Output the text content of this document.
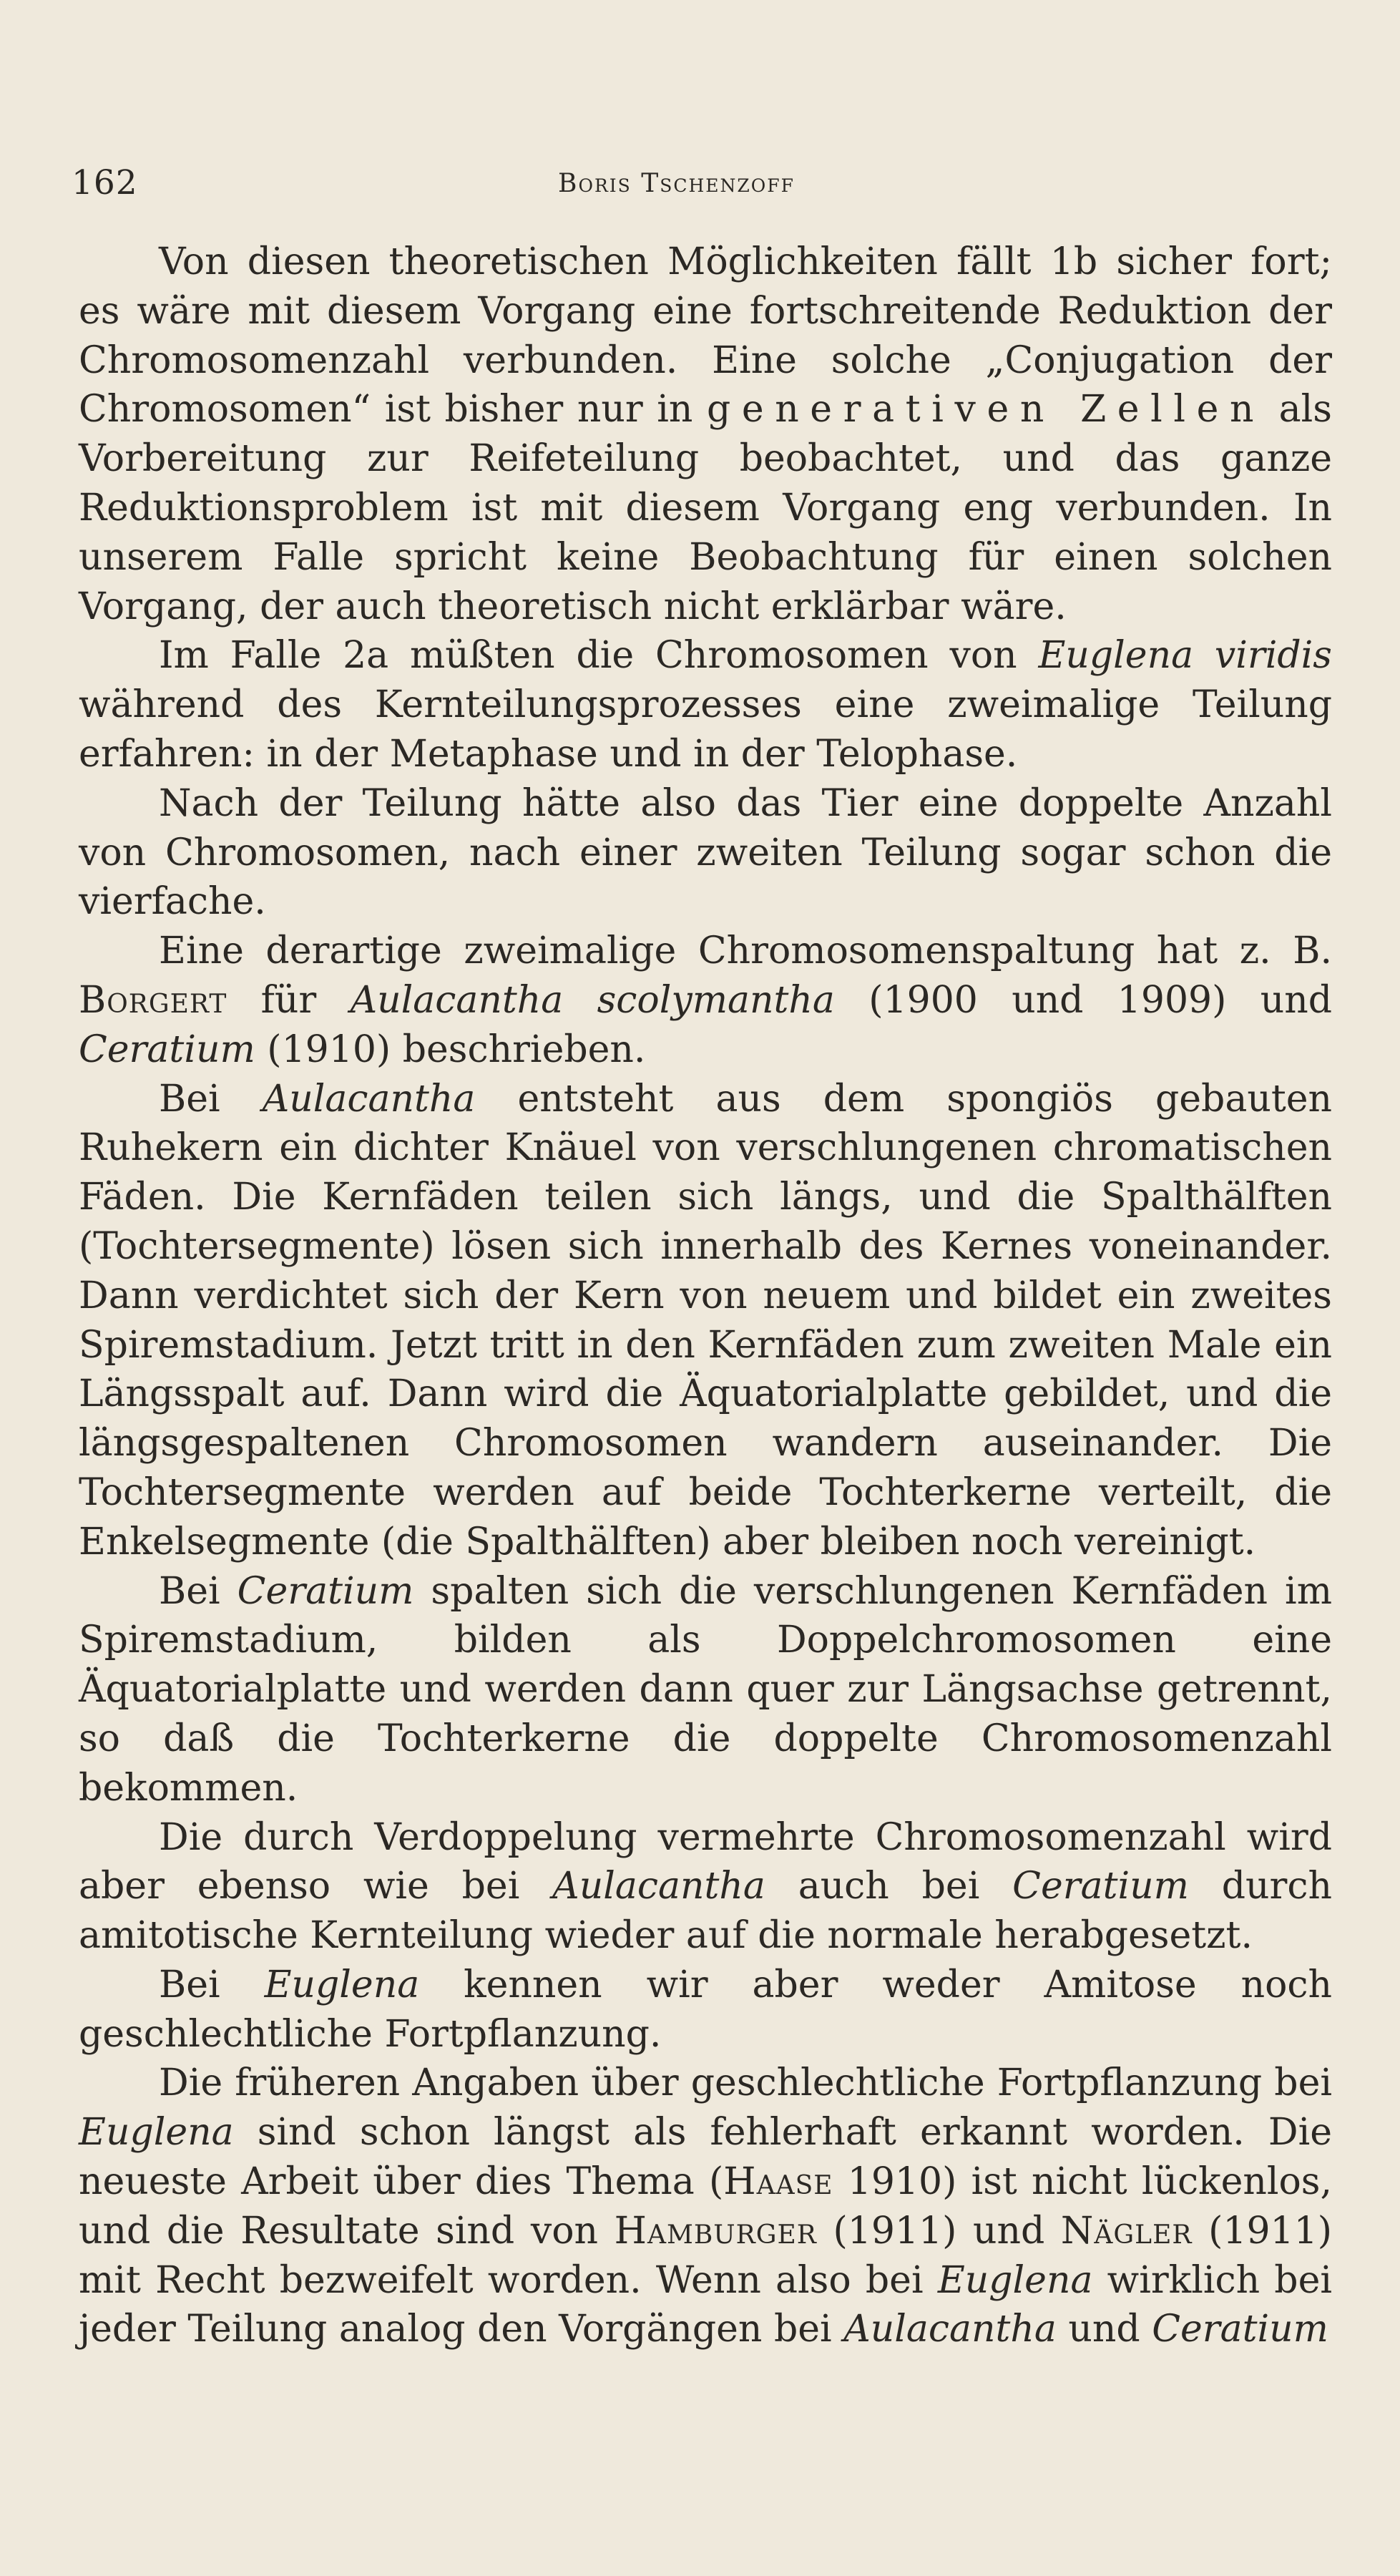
162	Boris Tschenzoff

Von diesen theoretischen Möglichkeiten fällt 1b sicher fort; es wäre mit diesem Vorgang eine fortschreitende Reduktion der Chromosomenzahl verbunden. Eine solche „Conjugation der Chromosomen“ ist bisher nur in generativen Zellen als Vorbereitung zur Reifeteilung beobachtet, und das ganze Reduktionsproblem ist mit diesem Vorgang eng verbunden. In unserem Falle spricht keine Beobachtung für einen solchen Vorgang, der auch theoretisch nicht erklärbar wäre.

Im Falle 2a müßten die Chromosomen von Euglena viridis während des Kernteilungsprozesses eine zweimalige Teilung erfahren: in der Metaphase und in der Telophase.

Nach der Teilung hätte also das Tier eine doppelte Anzahl von Chromosomen, nach einer zweiten Teilung sogar schon die vierfache.

Eine derartige zweimalige Chromosomenspaltung hat z. B. Borgert für Aulacantha scolymantha (1900 und 1909) und Ceratium (1910) beschrieben.

Bei Aulacantha entsteht aus dem spongiös gebauten Ruhekern ein dichter Knäuel von verschlungenen chromatischen Fäden. Die Kernfäden teilen sich längs, und die Spalthälften (Tochtersegmente) lösen sich innerhalb des Kernes voneinander. Dann verdichtet sich der Kern von neuem und bildet ein zweites Spiremstadium. Jetzt tritt in den Kernfäden zum zweiten Male ein Längsspalt auf. Dann wird die Äquatorialplatte gebildet, und die längsgespaltenen Chromosomen wandern auseinander. Die Tochtersegmente werden auf beide Tochterkerne verteilt, die Enkelsegmente (die Spalthälften) aber bleiben noch vereinigt.

Bei Ceratium spalten sich die verschlungenen Kernfäden im Spiremstadium, bilden als Doppelchromosomen eine Äquatorialplatte und werden dann quer zur Längsachse getrennt, so daß die Tochterkerne die doppelte Chromosomenzahl bekommen.

Die durch Verdoppelung vermehrte Chromosomenzahl wird aber ebenso wie bei Aulacantha auch bei Ceratium durch amitotische Kernteilung wieder auf die normale herabgesetzt.

Bei Euglena kennen wir aber weder Amitose noch geschlechtliche Fortpflanzung.

Die früheren Angaben über geschlechtliche Fortpflanzung bei Euglena sind schon längst als fehlerhaft erkannt worden. Die neueste Arbeit über dies Thema (Haase 1910) ist nicht lückenlos, und die Resultate sind von Hamburger (1911) und Nägler (1911) mit Recht bezweifelt worden. Wenn also bei Euglena wirklich bei jeder Teilung analog den Vorgängen bei Aulacantha und Ceratium
